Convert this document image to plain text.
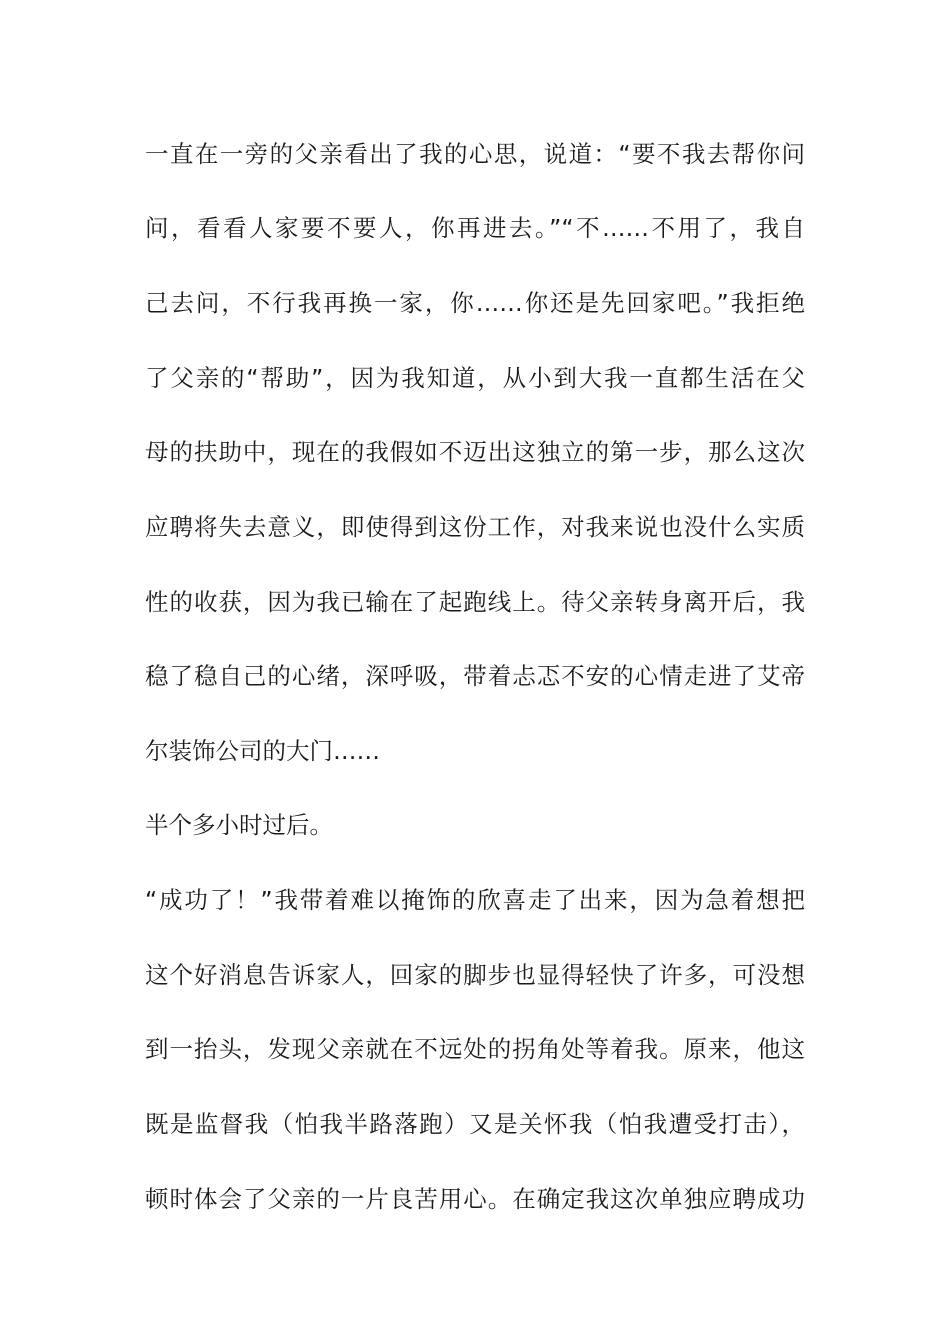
一直在一旁的父亲看出了我的心思，说道：“要不我去帮你问
问，看看人家要不要人，你再进去。”“不……不用了，我自
己去问，不行我再换一家，你……你还是先回家吧。”我拒绝
了父亲的“帮助”，因为我知道，从小到大我一直都生活在父
母的扶助中，现在的我假如不迈出这独立的第一步，那么这次
应聘将失去意义，即使得到这份工作，对我来说也没什么实质
性的收获，因为我已输在了起跑线上。待父亲转身离开后，我
稳了稳自己的心绪，深呼吸，带着忐忑不安的心情走进了艾帝
尔装饰公司的大门……
半个多小时过后。
“成功了！”我带着难以掩饰的欣喜走了出来，因为急着想把
这个好消息告诉家人，回家的脚步也显得轻快了许多，可没想
到一抬头，发现父亲就在不远处的拐角处等着我。原来，他这
既是监督我（怕我半路落跑）又是关怀我（怕我遭受打击），
顿时体会了父亲的一片良苦用心。在确定我这次单独应聘成功
